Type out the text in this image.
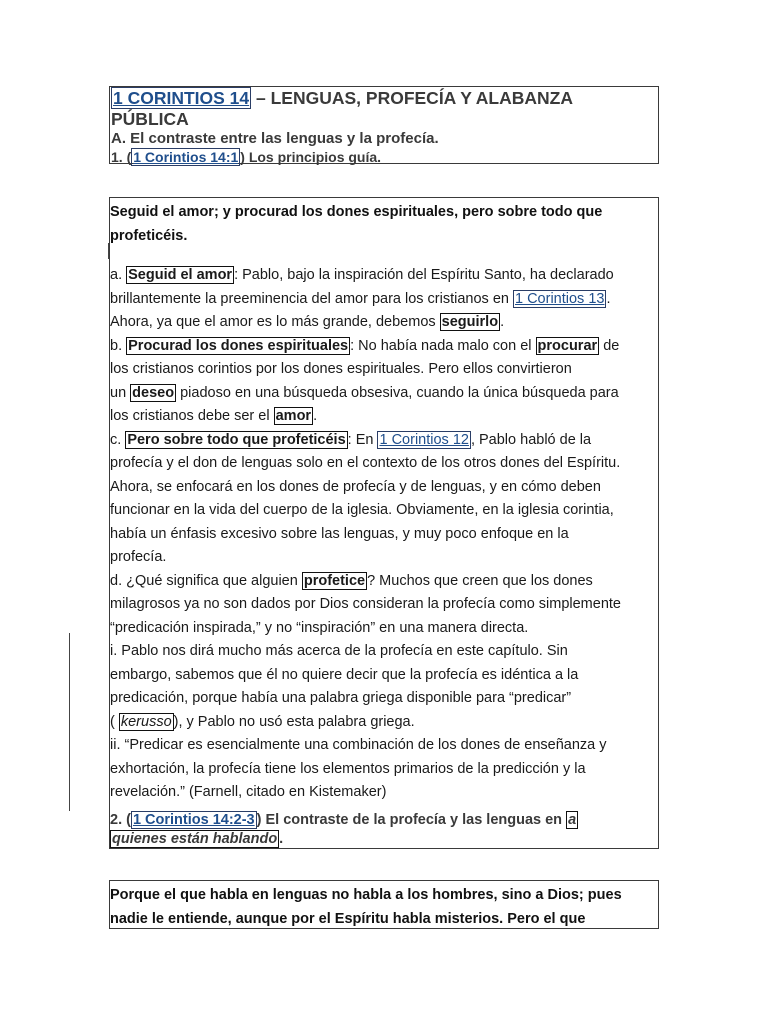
1 CORINTIOS 14 – LENGUAS, PROFECÍA Y ALABANZA
PÚBLICA
A. El contraste entre las lenguas y la profecía.
1. ( 1 Corintios 14:1 ) Los principios guía.
Seguid el amor; y procurad los dones espirituales, pero sobre todo que
profeticéis.
a. Seguid el amor : Pablo, bajo la inspiración del Espíritu Santo, ha declarado
brillantemente la preeminencia del amor para los cristianos en 1 Corintios 13 .
Ahora, ya que el amor es lo más grande, debemos seguirlo .
b. Procurad los dones espirituales : No había nada malo con el procurar de
los cristianos corintios por los dones espirituales. Pero ellos convirtieron
un deseo piadoso en una búsqueda obsesiva, cuando la única búsqueda para
los cristianos debe ser el amor .
c. Pero sobre todo que profeticéis : En 1 Corintios 12 , Pablo habló de la
profecía y el don de lenguas solo en el contexto de los otros dones del Espíritu.
Ahora, se enfocará en los dones de profecía y de lenguas, y en cómo deben
funcionar en la vida del cuerpo de la iglesia. Obviamente, en la iglesia corintia,
había un énfasis excesivo sobre las lenguas, y muy poco enfoque en la
profecía.
d. ¿Qué significa que alguien profetice ? Muchos que creen que los dones
milagrosos ya no son dados por Dios consideran la profecía como simplemente
“predicación inspirada,” y no “inspiración” en una manera directa.
i. Pablo nos dirá mucho más acerca de la profecía en este capítulo. Sin
embargo, sabemos que él no quiere decir que la profecía es idéntica a la
predicación, porque había una palabra griega disponible para “predicar”
( kerusso ), y Pablo no usó esta palabra griega.
ii. “Predicar es esencialmente una combinación de los dones de enseñanza y
exhortación, la profecía tiene los elementos primarios de la predicción y la
revelación.” (Farnell, citado en Kistemaker)
2. ( 1 Corintios 14:2-3 ) El contraste de la profecía y las lenguas en a
quienes están hablando .
Porque el que habla en lenguas no habla a los hombres, sino a Dios; pues
nadie le entiende, aunque por el Espíritu habla misterios. Pero el que
